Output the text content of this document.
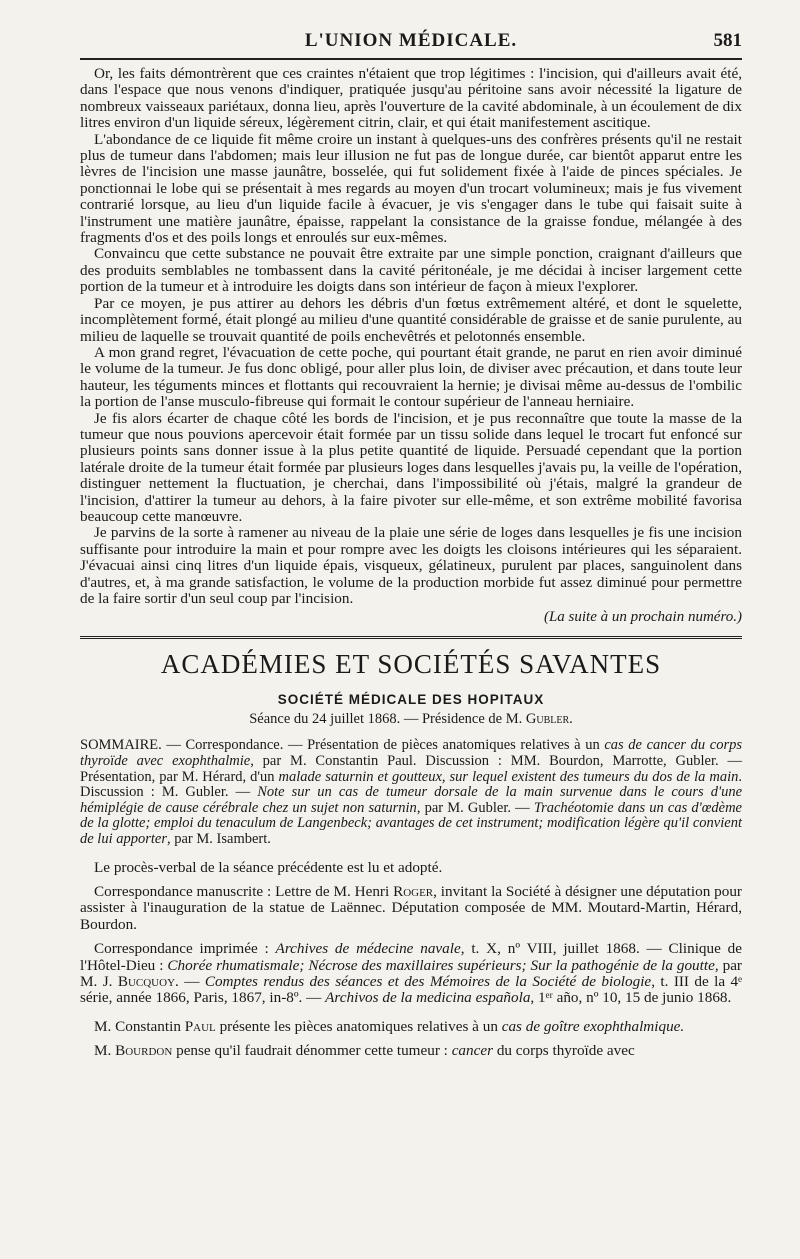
L'UNION MÉDICALE.	581

Or, les faits démontrèrent que ces craintes n'étaient que trop légitimes : l'incision, qui d'ailleurs avait été, dans l'espace que nous venons d'indiquer, pratiquée jusqu'au péritoine sans avoir nécessité la ligature de nombreux vaisseaux pariétaux, donna lieu, après l'ouverture de la cavité abdominale, à un écoulement de dix litres environ d'un liquide séreux, légèrement citrin, clair, et qui était manifestement ascitique.

L'abondance de ce liquide fit même croire un instant à quelques-uns des confrères présents qu'il ne restait plus de tumeur dans l'abdomen; mais leur illusion ne fut pas de longue durée, car bientôt apparut entre les lèvres de l'incision une masse jaunâtre, bosselée, qui fut solidement fixée à l'aide de pinces spéciales. Je ponctionnai le lobe qui se présentait à mes regards au moyen d'un trocart volumineux; mais je fus vivement contrarié lorsque, au lieu d'un liquide facile à évacuer, je vis s'engager dans le tube qui faisait suite à l'instrument une matière jaunâtre, épaisse, rappelant la consistance de la graisse fondue, mélangée à des fragments d'os et des poils longs et enroulés sur eux-mêmes.

Convaincu que cette substance ne pouvait être extraite par une simple ponction, craignant d'ailleurs que des produits semblables ne tombassent dans la cavité péritonéale, je me décidai à inciser largement cette portion de la tumeur et à introduire les doigts dans son intérieur de façon à mieux l'explorer.

Par ce moyen, je pus attirer au dehors les débris d'un fœtus extrêmement altéré, et dont le squelette, incomplètement formé, était plongé au milieu d'une quantité considérable de graisse et de sanie purulente, au milieu de laquelle se trouvait quantité de poils enchevêtrés et pelotonnés ensemble.

A mon grand regret, l'évacuation de cette poche, qui pourtant était grande, ne parut en rien avoir diminué le volume de la tumeur. Je fus donc obligé, pour aller plus loin, de diviser avec précaution, et dans toute leur hauteur, les téguments minces et flottants qui recouvraient la hernie; je divisai même au-dessus de l'ombilic la portion de l'anse musculo-fibreuse qui formait le contour supérieur de l'anneau herniaire.

Je fis alors écarter de chaque côté les bords de l'incision, et je pus reconnaître que toute la masse de la tumeur que nous pouvions apercevoir était formée par un tissu solide dans lequel le trocart fut enfoncé sur plusieurs points sans donner issue à la plus petite quantité de liquide. Persuadé cependant que la portion latérale droite de la tumeur était formée par plusieurs loges dans lesquelles j'avais pu, la veille de l'opération, distinguer nettement la fluctuation, je cherchai, dans l'impossibilité où j'étais, malgré la grandeur de l'incision, d'attirer la tumeur au dehors, à la faire pivoter sur elle-même, et son extrême mobilité favorisa beaucoup cette manœuvre.

Je parvins de la sorte à ramener au niveau de la plaie une série de loges dans lesquelles je fis une incision suffisante pour introduire la main et pour rompre avec les doigts les cloisons intérieures qui les séparaient. J'évacuai ainsi cinq litres d'un liquide épais, visqueux, gélatineux, purulent par places, sanguinolent dans d'autres, et, à ma grande satisfaction, le volume de la production morbide fut assez diminué pour permettre de la faire sortir d'un seul coup par l'incision.

(La suite à un prochain numéro.)
ACADÉMIES ET SOCIÉTÉS SAVANTES
SOCIÉTÉ MÉDICALE DES HOPITAUX
Séance du 24 juillet 1868. — Présidence de M. Gubler.
SOMMAIRE. — Correspondance. — Présentation de pièces anatomiques relatives à un cas de cancer du corps thyroïde avec exophthalmie, par M. Constantin Paul. Discussion : MM. Bourdon, Marrotte, Gubler. — Présentation, par M. Hérard, d'un malade saturnin et goutteux, sur lequel existent des tumeurs du dos de la main. Discussion : M. Gubler. — Note sur un cas de tumeur dorsale de la main survenue dans le cours d'une hémiplégie de cause cérébrale chez un sujet non saturnin, par M. Gubler. — Trachéotomie dans un cas d'œdème de la glotte; emploi du tenaculum de Langenbeck; avantages de cet instrument; modification légère qu'il convient de lui apporter, par M. Isambert.

Le procès-verbal de la séance précédente est lu et adopté.

Correspondance manuscrite : Lettre de M. Henri Roger, invitant la Société à désigner une députation pour assister à l'inauguration de la statue de Laënnec. Députation composée de MM. Moutard-Martin, Hérard, Bourdon.

Correspondance imprimée : Archives de médecine navale, t. X, nº VIII, juillet 1868. — Clinique de l'Hôtel-Dieu : Chorée rhumatismale; Nécrose des maxillaires supérieurs; Sur la pathogénie de la goutte, par M. J. Bucquoy. — Comptes rendus des séances et des Mémoires de la Société de biologie, t. III de la 4ᵉ série, année 1866, Paris, 1867, in-8º. — Archivos de la medicina española, 1ᵉʳ año, nº 10, 15 de junio 1868.

M. Constantin Paul présente les pièces anatomiques relatives à un cas de goître exophthalmique.

M. Bourdon pense qu'il faudrait dénommer cette tumeur : cancer du corps thyroïde avec
